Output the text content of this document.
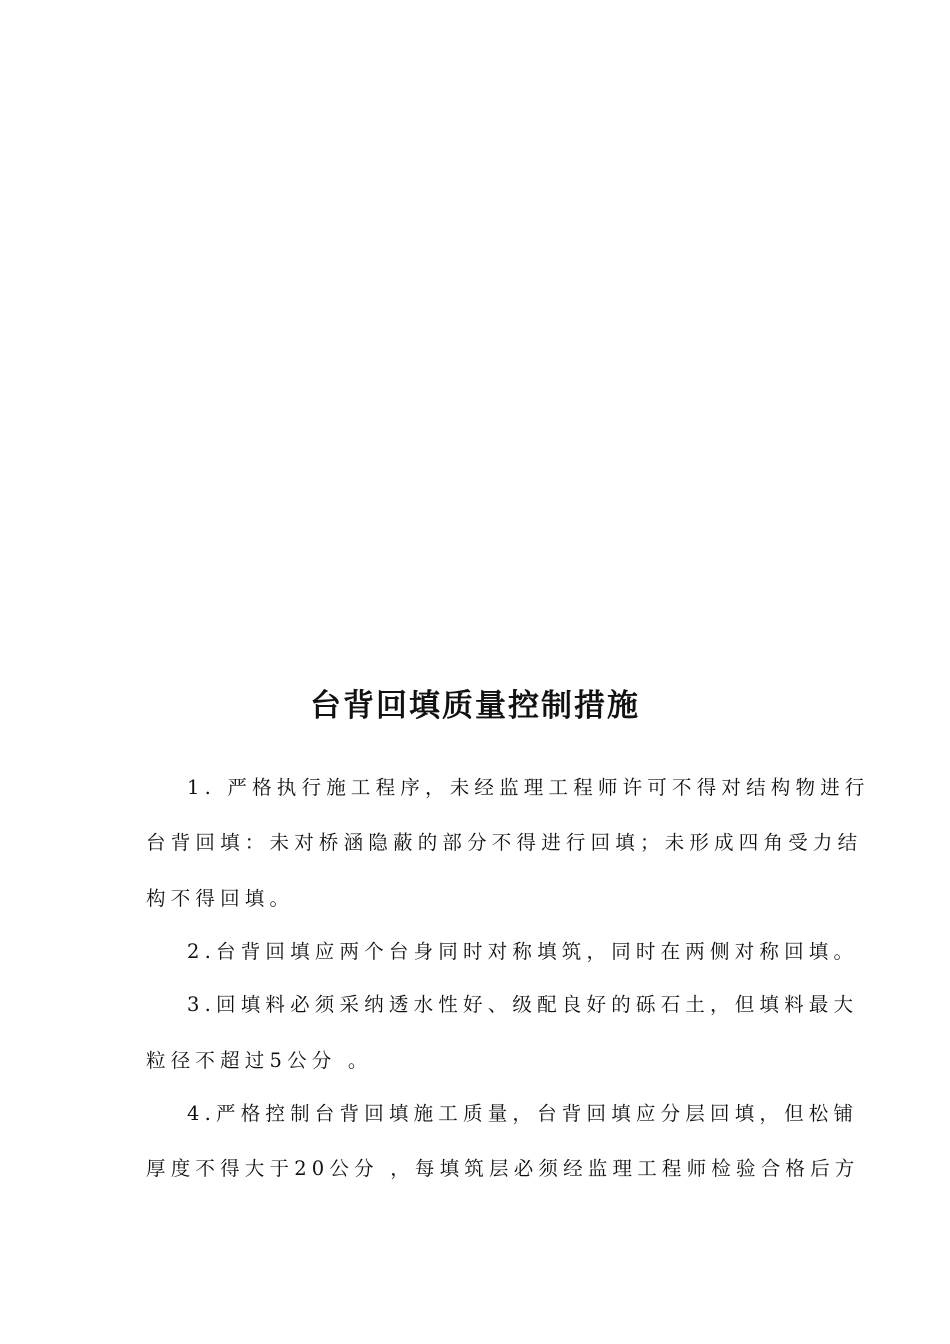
台背回填质量控制措施
1. 严格执行施工程序，未经监理工程师许可不得对结构物进行
台背回填：未对桥涵隐蔽的部分不得进行回填；未形成四角受力结
构不得回填。
2.台背回填应两个台身同时对称填筑，同时在两侧对称回填。
3.回填料必须采纳透水性好、级配良好的砾石土，但填料最大
粒径不超过5公分 。
4.严格控制台背回填施工质量，台背回填应分层回填，但松铺
厚度不得大于20公分 ，每填筑层必须经监理工程师检验合格后方
